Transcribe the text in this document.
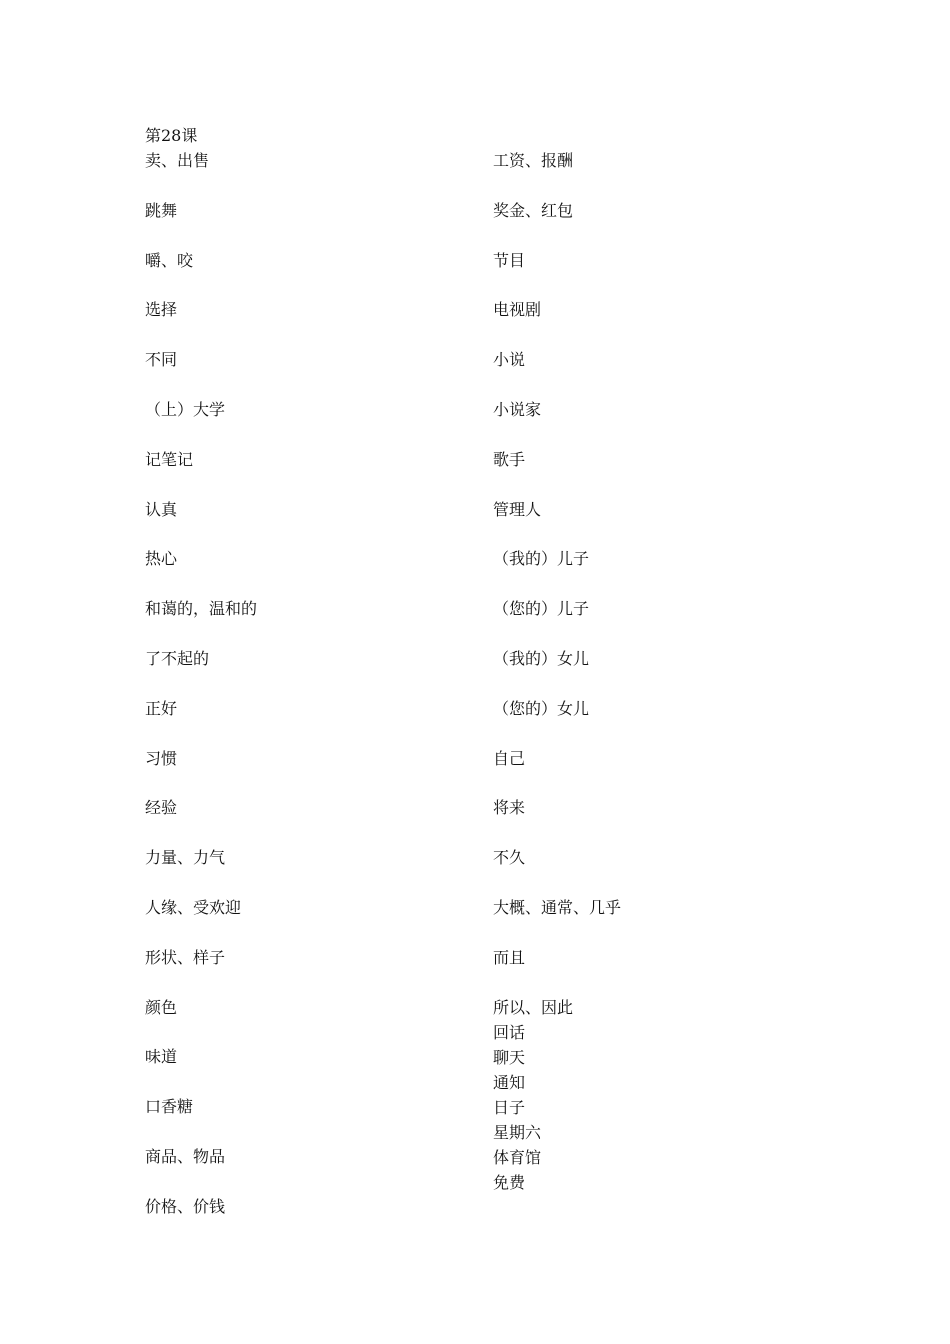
第28课
卖、出售
跳舞
嚼、咬
选择
不同
（上）大学
记笔记
认真
热心
和蔼的，温和的
了不起的
正好
习惯
经验
力量、力气
人缘、受欢迎
形状、样子
颜色
味道
口香糖
商品、物品
价格、价钱
工资、报酬
奖金、红包
节目
电视剧
小说
小说家
歌手
管理人
（我的）儿子
（您的）儿子
（我的）女儿
（您的）女儿
自己
将来
不久
大概、通常、几乎
而且
所以、因此
回话
聊天
通知
日子
星期六
体育馆
免费
